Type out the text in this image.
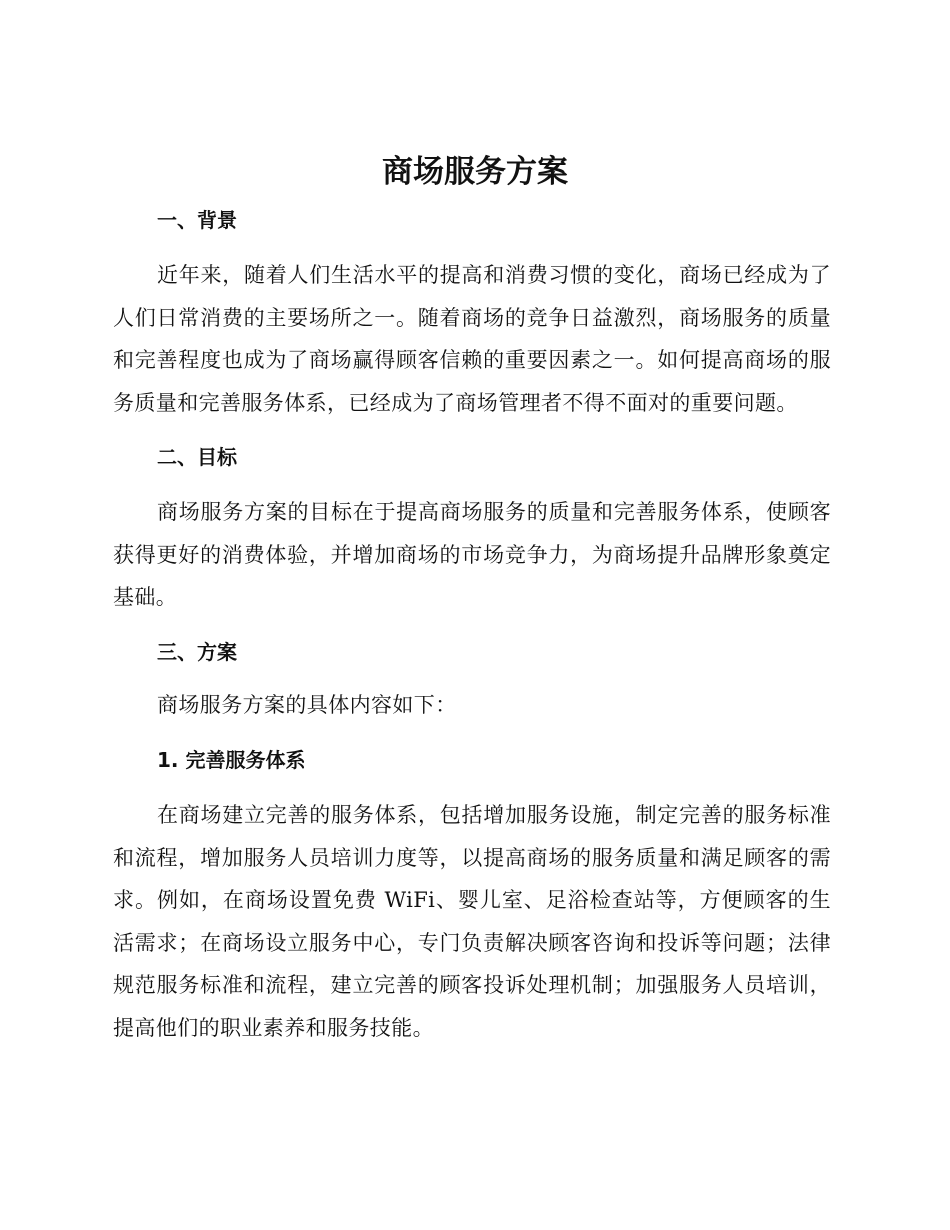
商场服务方案
一、背景

近年来，随着人们生活水平的提高和消费习惯的变化，商场已经成为了人们日常消费的主要场所之一。随着商场的竞争日益激烈，商场服务的质量和完善程度也成为了商场赢得顾客信赖的重要因素之一。如何提高商场的服务质量和完善服务体系，已经成为了商场管理者不得不面对的重要问题。

二、目标

商场服务方案的目标在于提高商场服务的质量和完善服务体系，使顾客获得更好的消费体验，并增加商场的市场竞争力，为商场提升品牌形象奠定基础。

三、方案

商场服务方案的具体内容如下：

1. 完善服务体系

在商场建立完善的服务体系，包括增加服务设施，制定完善的服务标准和流程，增加服务人员培训力度等，以提高商场的服务质量和满足顾客的需求。例如，在商场设置免费 WiFi、婴儿室、足浴检查站等，方便顾客的生活需求；在商场设立服务中心，专门负责解决顾客咨询和投诉等问题；法律规范服务标准和流程，建立完善的顾客投诉处理机制；加强服务人员培训，提高他们的职业素养和服务技能。
